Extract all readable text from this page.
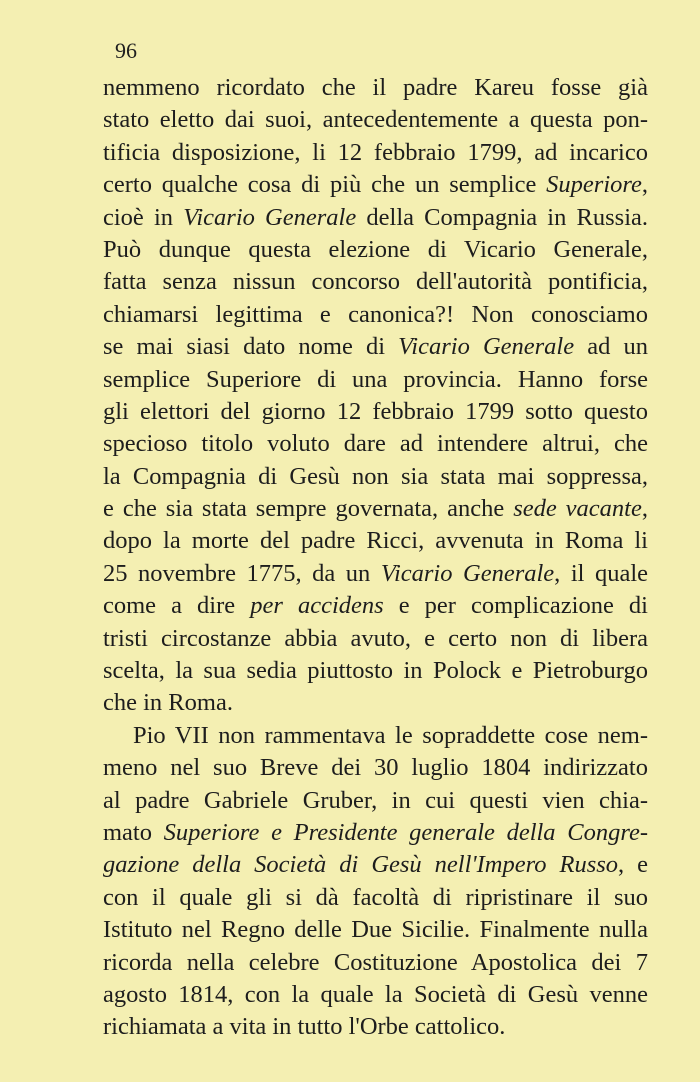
96
nemmeno ricordato che il padre Kareu fosse già
stato eletto dai suoi, antecedentemente a questa pon-
tificia disposizione, li 12 febbraio 1799, ad incarico
certo qualche cosa di più che un semplice Superiore,
cioè in Vicario Generale della Compagnia in Russia.
Può dunque questa elezione di Vicario Generale,
fatta senza nissun concorso dell'autorità pontificia,
chiamarsi legittima e canonica?! Non conosciamo
se mai siasi dato nome di Vicario Generale ad un
semplice Superiore di una provincia. Hanno forse
gli elettori del giorno 12 febbraio 1799 sotto questo
specioso titolo voluto dare ad intendere altrui, che
la Compagnia di Gesù non sia stata mai soppressa,
e che sia stata sempre governata, anche sede vacante,
dopo la morte del padre Ricci, avvenuta in Roma li
25 novembre 1775, da un Vicario Generale, il quale
come a dire per accidens e per complicazione di
tristi circostanze abbia avuto, e certo non di libera
scelta, la sua sedia piuttosto in Polock e Pietroburgo
che in Roma.
Pio VII non rammentava le sopraddette cose nem-
meno nel suo Breve dei 30 luglio 1804 indirizzato
al padre Gabriele Gruber, in cui questi vien chia-
mato Superiore e Presidente generale della Congre-
gazione della Società di Gesù nell'Impero Russo, e
con il quale gli si dà facoltà di ripristinare il suo
Istituto nel Regno delle Due Sicilie. Finalmente nulla
ricorda nella celebre Costituzione Apostolica dei 7
agosto 1814, con la quale la Società di Gesù venne
richiamata a vita in tutto l'Orbe cattolico.
